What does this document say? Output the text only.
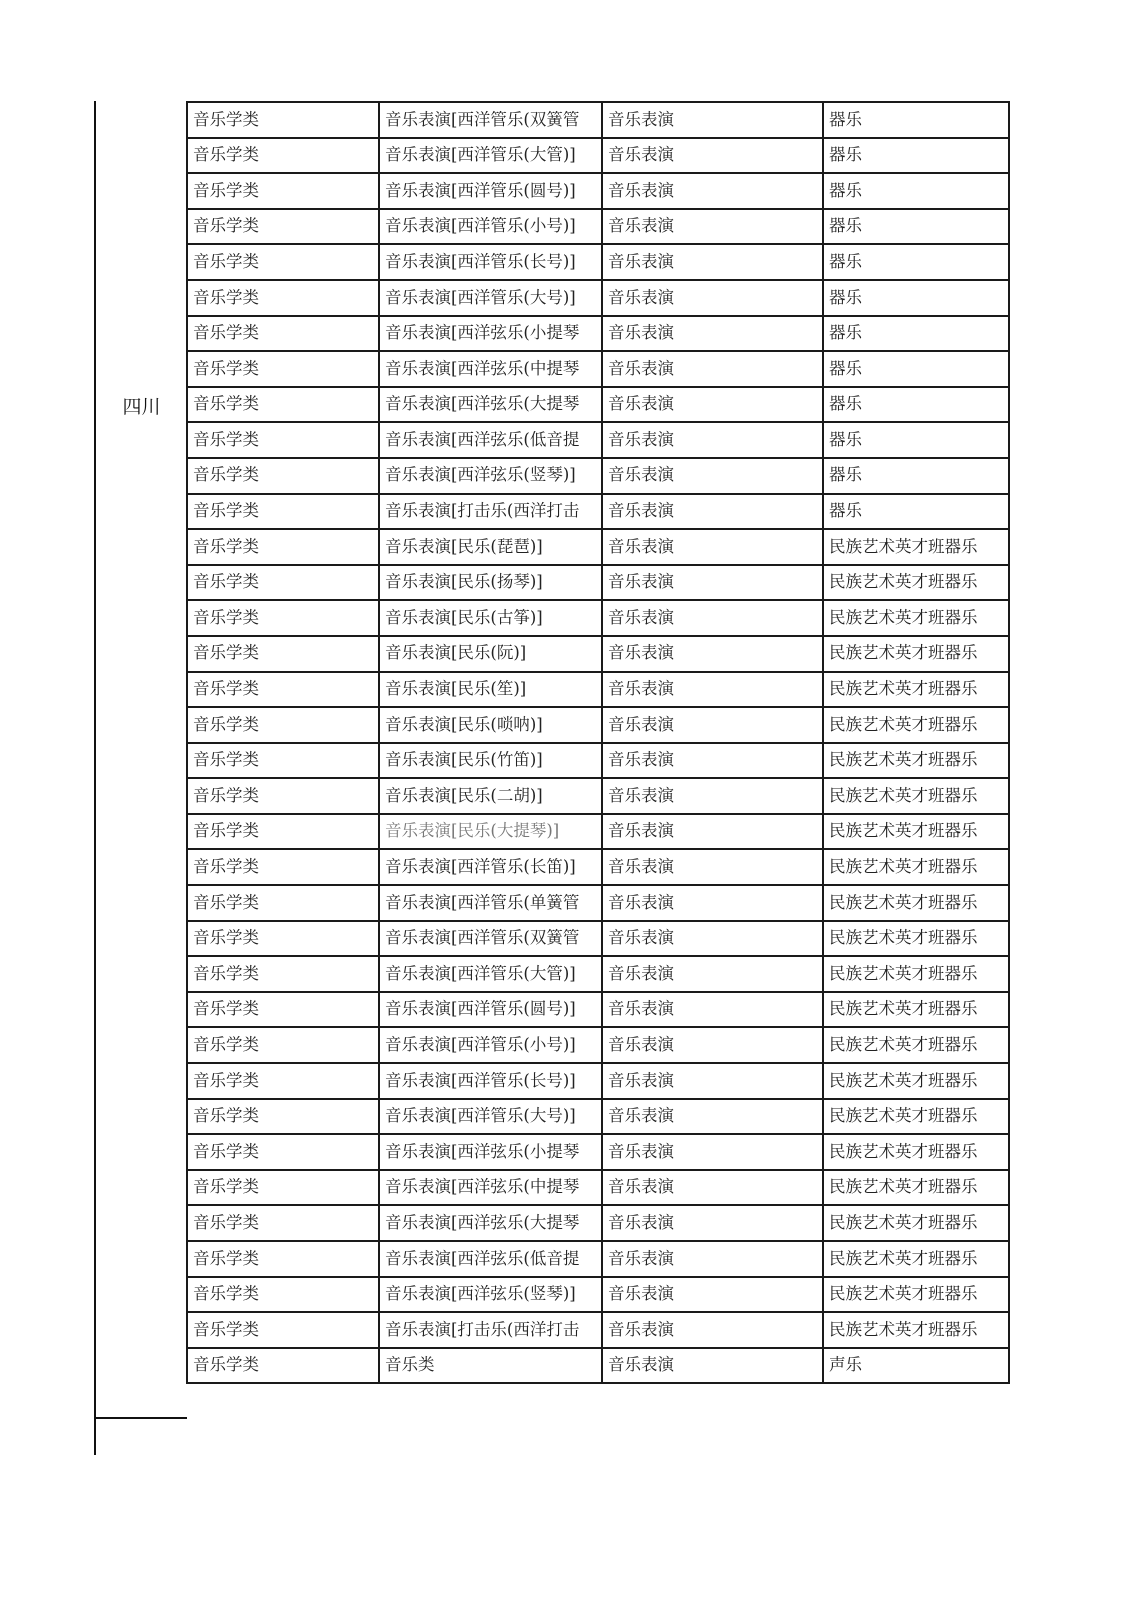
四川
音乐学类	音乐表演[西洋管乐(双簧管	音乐表演	器乐
音乐学类	音乐表演[西洋管乐(大管)]	音乐表演	器乐
音乐学类	音乐表演[西洋管乐(圆号)]	音乐表演	器乐
音乐学类	音乐表演[西洋管乐(小号)]	音乐表演	器乐
音乐学类	音乐表演[西洋管乐(长号)]	音乐表演	器乐
音乐学类	音乐表演[西洋管乐(大号)]	音乐表演	器乐
音乐学类	音乐表演[西洋弦乐(小提琴	音乐表演	器乐
音乐学类	音乐表演[西洋弦乐(中提琴	音乐表演	器乐
音乐学类	音乐表演[西洋弦乐(大提琴	音乐表演	器乐
音乐学类	音乐表演[西洋弦乐(低音提	音乐表演	器乐
音乐学类	音乐表演[西洋弦乐(竖琴)]	音乐表演	器乐
音乐学类	音乐表演[打击乐(西洋打击	音乐表演	器乐
音乐学类	音乐表演[民乐(琵琶)]	音乐表演	民族艺术英才班器乐
音乐学类	音乐表演[民乐(扬琴)]	音乐表演	民族艺术英才班器乐
音乐学类	音乐表演[民乐(古筝)]	音乐表演	民族艺术英才班器乐
音乐学类	音乐表演[民乐(阮)]	音乐表演	民族艺术英才班器乐
音乐学类	音乐表演[民乐(笙)]	音乐表演	民族艺术英才班器乐
音乐学类	音乐表演[民乐(唢呐)]	音乐表演	民族艺术英才班器乐
音乐学类	音乐表演[民乐(竹笛)]	音乐表演	民族艺术英才班器乐
音乐学类	音乐表演[民乐(二胡)]	音乐表演	民族艺术英才班器乐
音乐学类	音乐表演[民乐(大提琴)]	音乐表演	民族艺术英才班器乐
音乐学类	音乐表演[西洋管乐(长笛)]	音乐表演	民族艺术英才班器乐
音乐学类	音乐表演[西洋管乐(单簧管	音乐表演	民族艺术英才班器乐
音乐学类	音乐表演[西洋管乐(双簧管	音乐表演	民族艺术英才班器乐
音乐学类	音乐表演[西洋管乐(大管)]	音乐表演	民族艺术英才班器乐
音乐学类	音乐表演[西洋管乐(圆号)]	音乐表演	民族艺术英才班器乐
音乐学类	音乐表演[西洋管乐(小号)]	音乐表演	民族艺术英才班器乐
音乐学类	音乐表演[西洋管乐(长号)]	音乐表演	民族艺术英才班器乐
音乐学类	音乐表演[西洋管乐(大号)]	音乐表演	民族艺术英才班器乐
音乐学类	音乐表演[西洋弦乐(小提琴	音乐表演	民族艺术英才班器乐
音乐学类	音乐表演[西洋弦乐(中提琴	音乐表演	民族艺术英才班器乐
音乐学类	音乐表演[西洋弦乐(大提琴	音乐表演	民族艺术英才班器乐
音乐学类	音乐表演[西洋弦乐(低音提	音乐表演	民族艺术英才班器乐
音乐学类	音乐表演[西洋弦乐(竖琴)]	音乐表演	民族艺术英才班器乐
音乐学类	音乐表演[打击乐(西洋打击	音乐表演	民族艺术英才班器乐
音乐学类	音乐类	音乐表演	声乐
